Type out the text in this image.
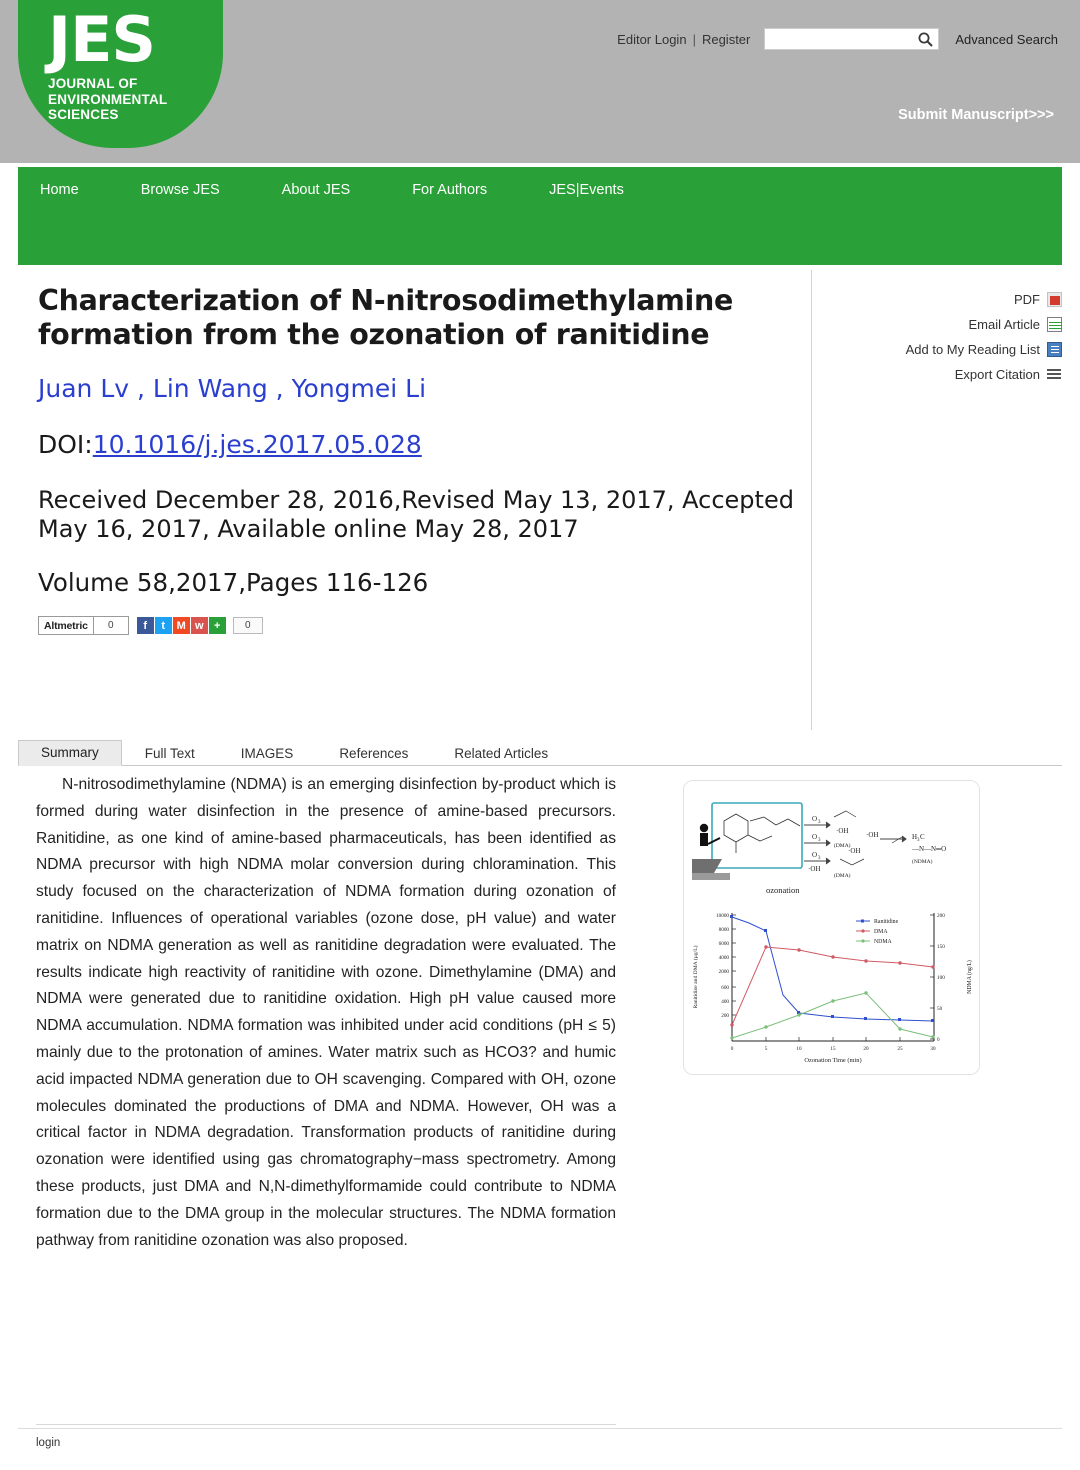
JES
JOURNAL OF
ENVIRONMENTAL
SCIENCES
Editor Login | Register	Advanced Search
Submit Manuscript>>>
Home	Browse JES	About JES	For Authors	JES|Events
Characterization of N-nitrosodimethylamine formation from the ozonation of ranitidine
Juan Lv , Lin Wang , Yongmei Li
DOI:10.1016/j.jes.2017.05.028
Received December 28, 2016,Revised May 13, 2017, Accepted May 16, 2017, Available online May 28, 2017
Volume 58,2017,Pages 116-126
Altmetric	0	f	t	M w +	0
PDF
Email Article
Add to My Reading List
Export Citation
Summary	Full Text	IMAGES	References	Related Articles
N-nitrosodimethylamine (NDMA) is an emerging disinfection by-product which is formed during water disinfection in the presence of amine-based precursors. Ranitidine, as one kind of amine-based pharmaceuticals, has been identified as NDMA precursor with high NDMA molar conversion during chloramination. This study focused on the characterization of NDMA formation during ozonation of ranitidine. Influences of operational variables (ozone dose, pH value) and water matrix on NDMA generation as well as ranitidine degradation were evaluated. The results indicate high reactivity of ranitidine with ozone. Dimethylamine (DMA) and NDMA were generated due to ranitidine oxidation. High pH value caused more NDMA accumulation. NDMA formation was inhibited under acid conditions (pH ≤ 5) mainly due to the protonation of amines. Water matrix such as HCO3? and humic acid impacted NDMA generation due to OH scavenging. Compared with OH, ozone molecules dominated the productions of DMA and NDMA. However, OH was a critical factor in NDMA degradation. Transformation products of ranitidine during ozonation were identified using gas chromatography−mass spectrometry. Among these products, just DMA and N,N-dimethylformamide could contribute to NDMA formation due to the DMA group in the molecular structures. The NDMA formation pathway from ranitidine ozonation was also proposed.
O 3
O 3
O 3
·OH
·OH
·OH
·OH
(DMA)
(DMA)
H 3 C
—N—N═O
(NDMA)
ozonation
10000
8000
6000
4000
2000
600
400
200
200
150
100
50
0
0	5	10	15	20	25	30
Ozonation Time (min)
Ranitidine and DMA (µg/L)	NDMA (ng/L)
Ranitidine
DMA
NDMA
login
